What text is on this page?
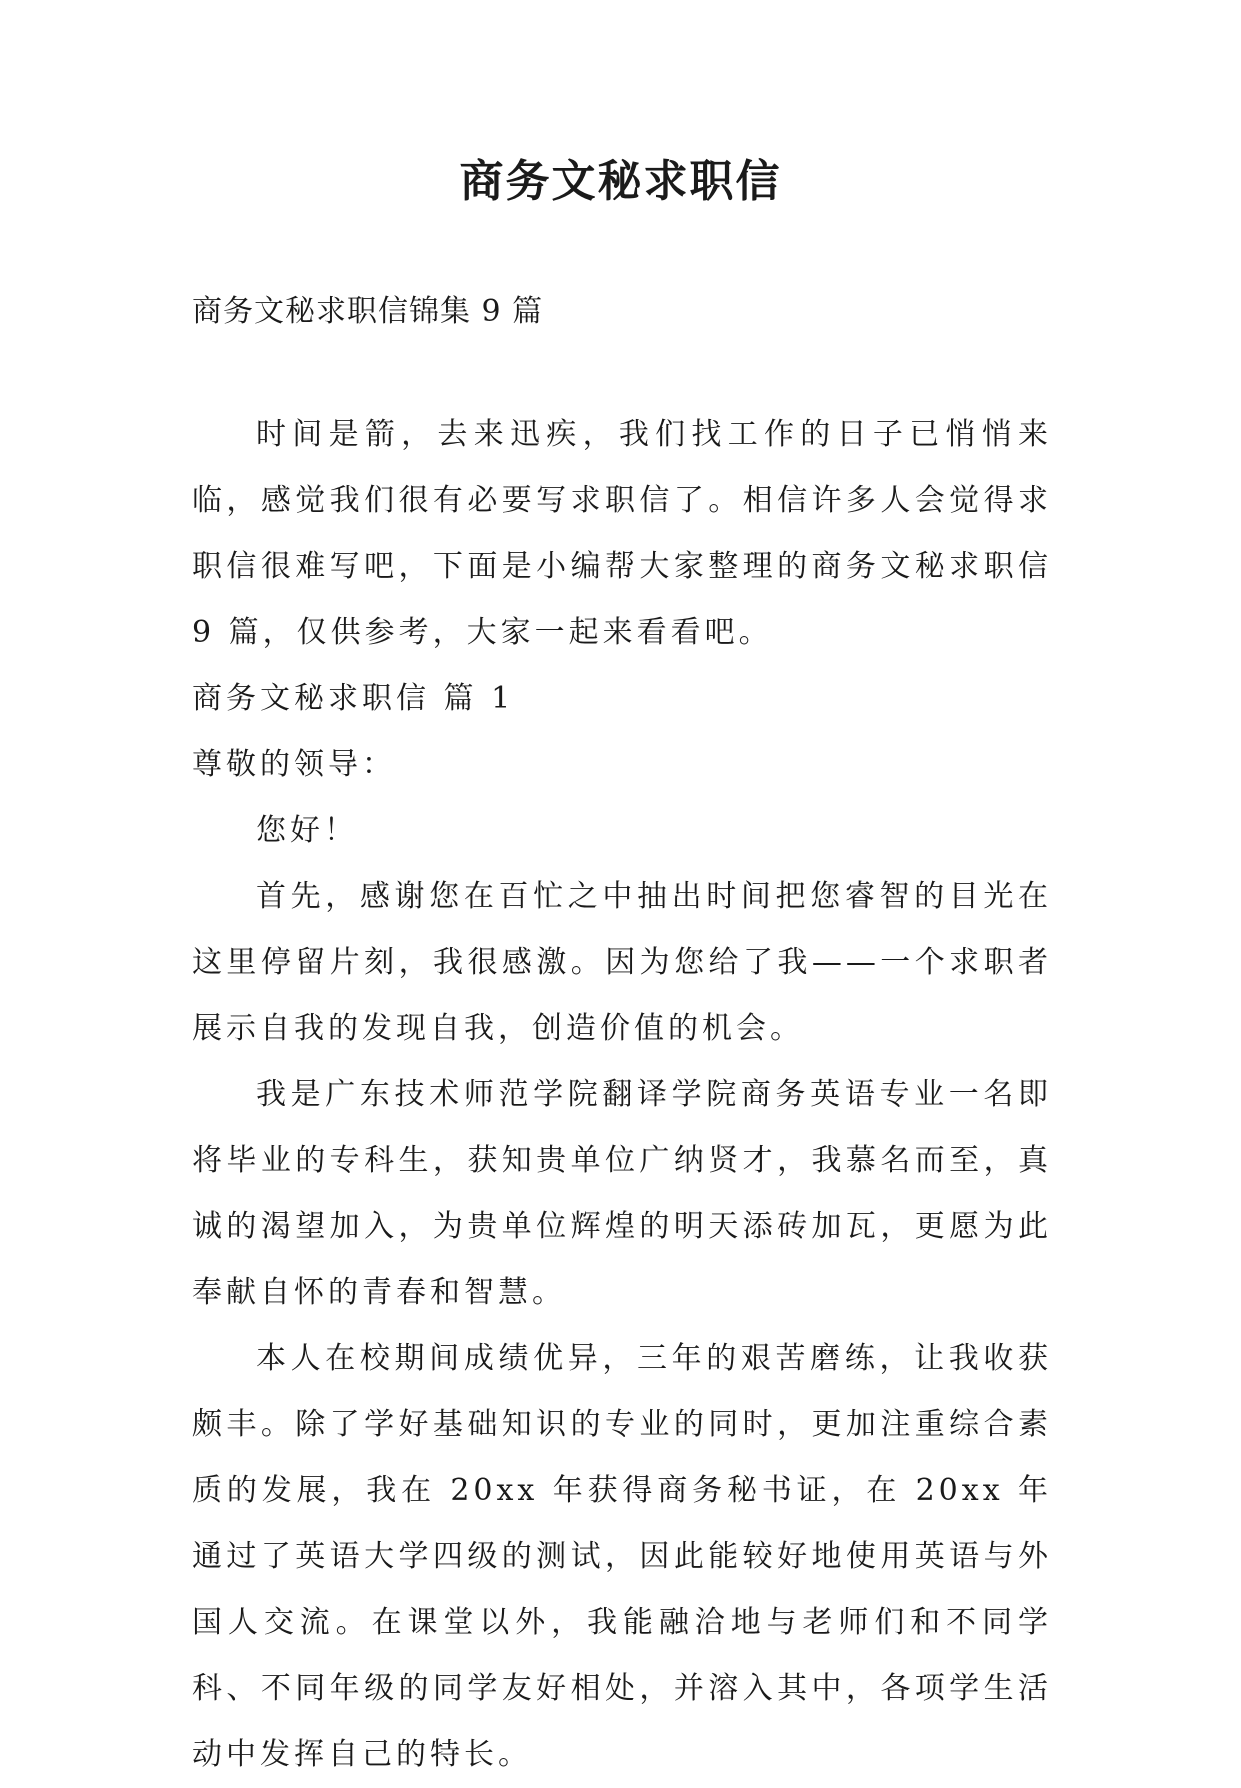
商务文秘求职信

商务文秘求职信锦集 9 篇

时间是箭，去来迅疾，我们找工作的日子已悄悄来临，感觉我们很有必要写求职信了。相信许多人会觉得求职信很难写吧，下面是小编帮大家整理的商务文秘求职信 9 篇，仅供参考，大家一起来看看吧。

商务文秘求职信 篇 1

尊敬的领导：

您好！

首先，感谢您在百忙之中抽出时间把您睿智的目光在这里停留片刻，我很感激。因为您给了我——一个求职者展示自我的发现自我，创造价值的机会。

我是广东技术师范学院翻译学院商务英语专业一名即将毕业的专科生，获知贵单位广纳贤才，我慕名而至，真诚的渴望加入，为贵单位辉煌的明天添砖加瓦，更愿为此奉献自怀的青春和智慧。

本人在校期间成绩优异，三年的艰苦磨练，让我收获颇丰。除了学好基础知识的专业的同时，更加注重综合素质的发展，我在 20xx 年获得商务秘书证，在 20xx 年通过了英语大学四级的测试，因此能较好地使用英语与外国人交流。在课堂以外，我能融洽地与老师们和不同学科、不同年级的同学友好相处，并溶入其中，各项学生活动中发挥自己的特长。
